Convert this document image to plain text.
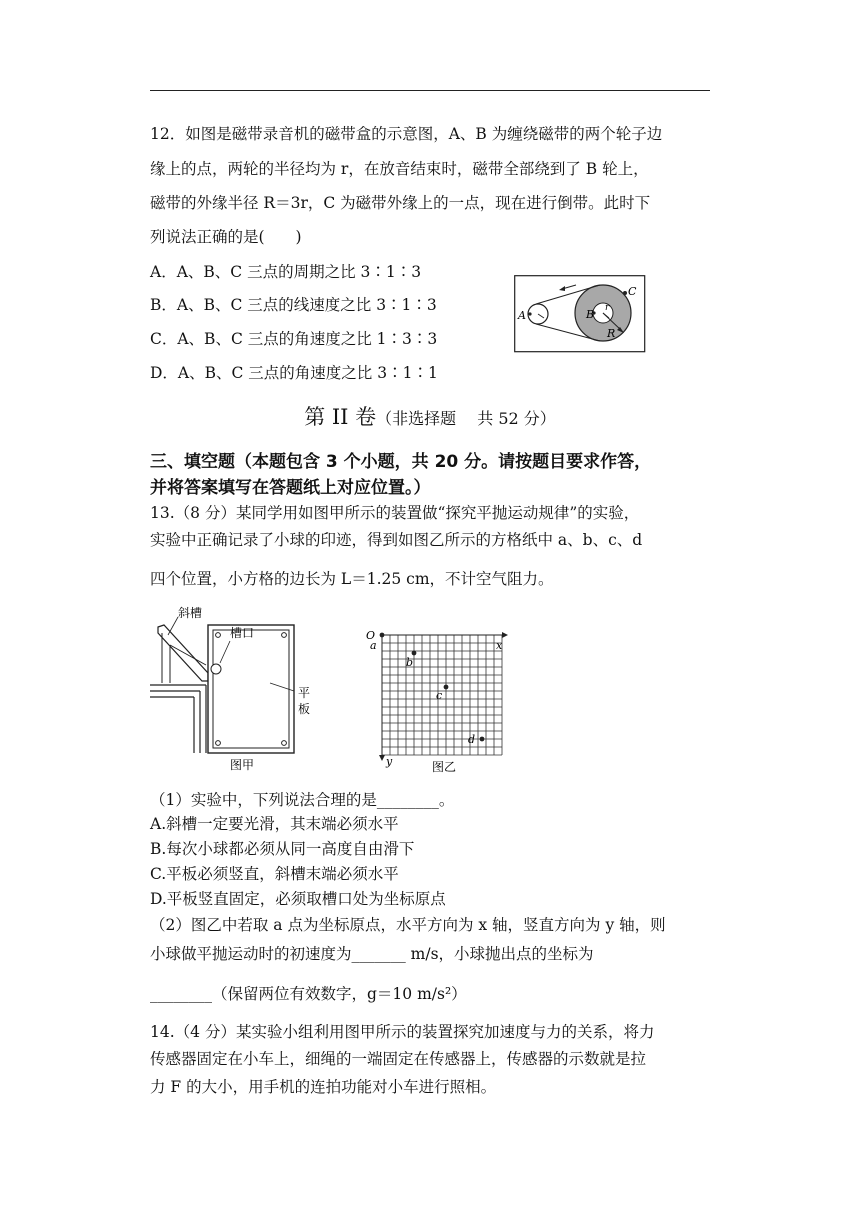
12．如图是磁带录音机的磁带盒的示意图，A、B 为缠绕磁带的两个轮子边
缘上的点，两轮的半径均为 r，在放音结束时，磁带全部绕到了 B 轮上，
磁带的外缘半径 R＝3r，C 为磁带外缘上的一点，现在进行倒带。此时下
列说法正确的是(　　)
A．A、B、C 三点的周期之比 3∶1∶3
B．A、B、C 三点的线速度之比 3∶1∶3
C．A、B、C 三点的角速度之比 1∶3∶3
D．A、B、C 三点的角速度之比 3∶1∶1
A	B
C
r
R
第 II 卷（非选择题　 共 52 分）
三、填空题（本题包含 3 个小题，共 20 分。请按题目要求作答，
并将答案填写在答题纸上对应位置。）
13.（8 分）某同学用如图甲所示的装置做“探究平抛运动规律”的实验，
实验中正确记录了小球的印迹，得到如图乙所示的方格纸中 a、b、c、d
四个位置，小方格的边长为 L＝1.25 cm，不计空气阻力。
斜槽
槽口
平
板
图甲
O
x
y
a
b
c
d
图乙
（1）实验中，下列说法合理的是________。
A.斜槽一定要光滑，其末端必须水平
B.每次小球都必须从同一高度自由滑下
C.平板必须竖直，斜槽末端必须水平
D.平板竖直固定，必须取槽口处为坐标原点
（2）图乙中若取 a 点为坐标原点，水平方向为 x 轴，竖直方向为 y 轴，则
小球做平抛运动时的初速度为_______ m/s，小球抛出点的坐标为
________（保留两位有效数字，g＝10 m/s²）
14.（4 分）某实验小组利用图甲所示的装置探究加速度与力的关系，将力
传感器固定在小车上，细绳的一端固定在传感器上，传感器的示数就是拉
力 F 的大小，用手机的连拍功能对小车进行照相。
